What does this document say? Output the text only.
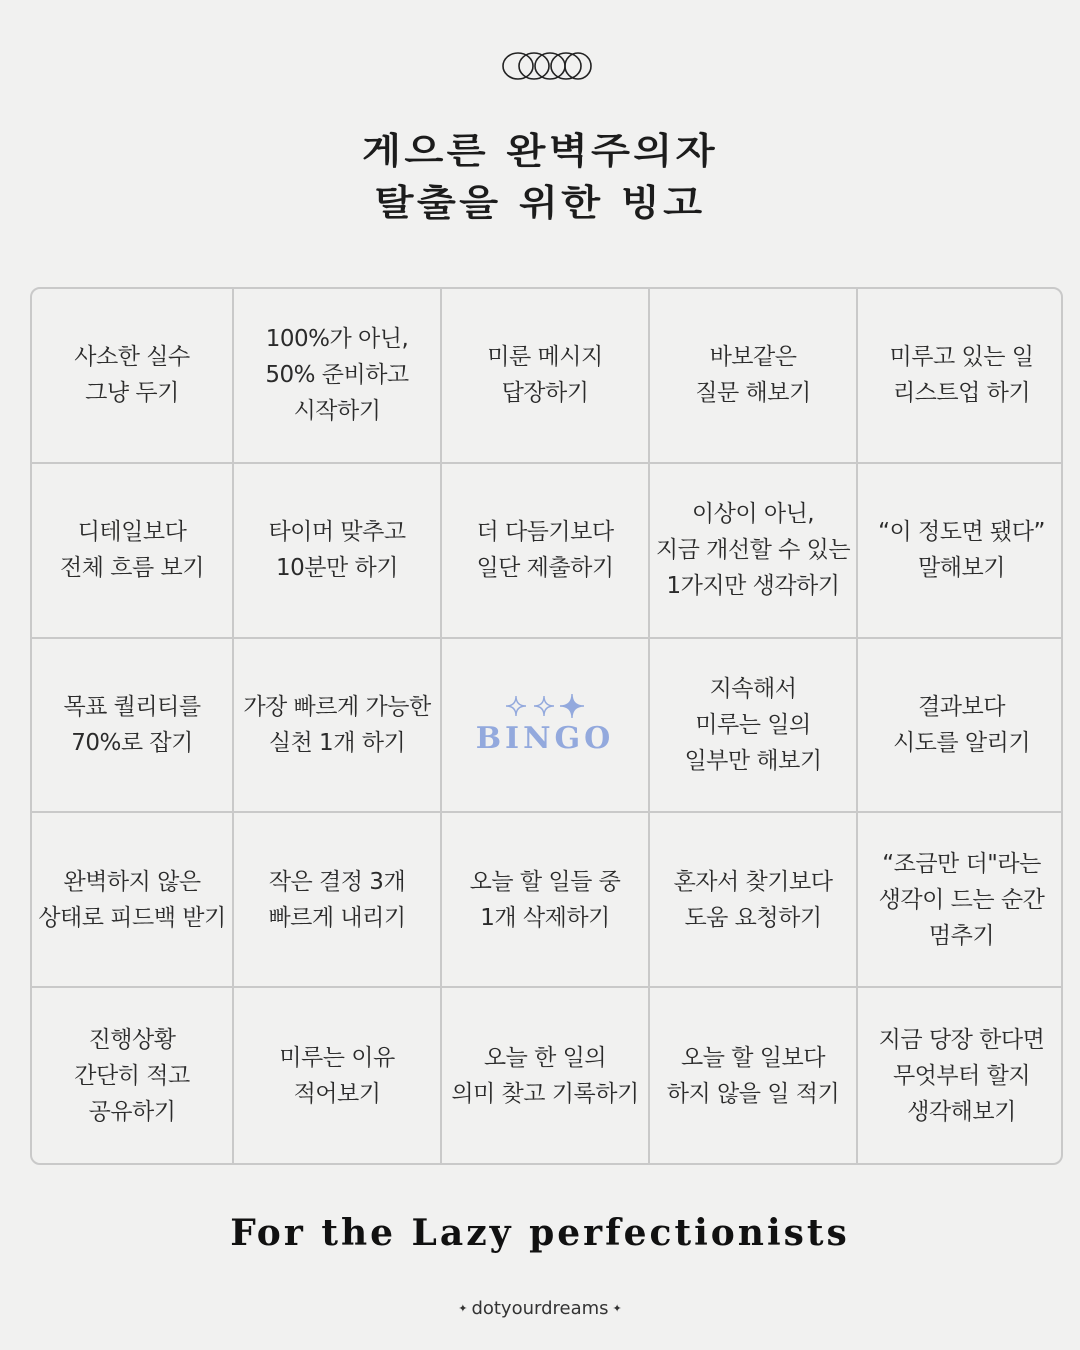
게으른 완벽주의자
탈출을 위한 빙고
사소한 실수
그냥 두기
100%가 아닌,
50% 준비하고
시작하기
미룬 메시지
답장하기
바보같은
질문 해보기
미루고 있는 일
리스트업 하기
디테일보다
전체 흐름 보기
타이머 맞추고
10분만 하기
더 다듬기보다
일단 제출하기
이상이 아닌,
지금 개선할 수 있는
1가지만 생각하기
“이 정도면 됐다”
말해보기
목표 퀄리티를
70%로 잡기
가장 빠르게 가능한
실천 1개 하기	BINGO
지속해서
미루는 일의
일부만 해보기
결과보다
시도를 알리기
완벽하지 않은
상태로 피드백 받기
작은 결정 3개
빠르게 내리기
오늘 할 일들 중
1개 삭제하기
혼자서 찾기보다
도움 요청하기
“조금만 더"라는
생각이 드는 순간
멈추기
진행상황
간단히 적고
공유하기
미루는 이유
적어보기
오늘 한 일의
의미 찾고 기록하기
오늘 할 일보다
하지 않을 일 적기
지금 당장 한다면
무엇부터 할지
생각해보기
For the Lazy perfectionists
✦ dotyourdreams ✦
